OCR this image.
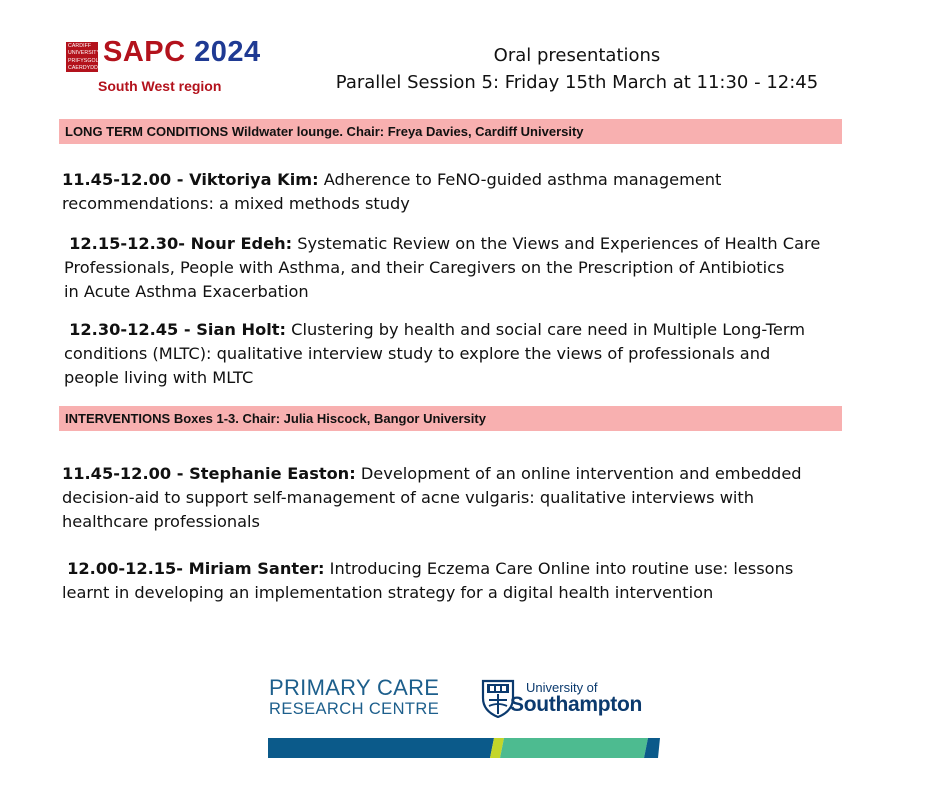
CARDIFF
UNIVERSITY
PRIFYSGOL
CAERDYDD SAPC 2024
South West region
Oral presentations
Parallel Session 5: Friday 15th March at 11:30 - 12:45
LONG TERM CONDITIONS Wildwater lounge. Chair: Freya Davies, Cardiff University
11.45-12.00 - Viktoriya Kim: Adherence to FeNO-guided asthma management
recommendations: a mixed methods study
12.15-12.30- Nour Edeh: Systematic Review on the Views and Experiences of Health Care
Professionals, People with Asthma, and their Caregivers on the Prescription of Antibiotics
in Acute Asthma Exacerbation
12.30-12.45 - Sian Holt: Clustering by health and social care need in Multiple Long-Term
conditions (MLTC): qualitative interview study to explore the views of professionals and
people living with MLTC
INTERVENTIONS Boxes 1-3. Chair: Julia Hiscock, Bangor University
11.45-12.00 - Stephanie Easton: Development of an online intervention and embedded
decision-aid to support self-management of acne vulgaris: qualitative interviews with
healthcare professionals
12.00-12.15- Miriam Santer: Introducing Eczema Care Online into routine use: lessons
learnt in developing an implementation strategy for a digital health intervention
PRIMARY CARE
RESEARCH CENTRE
University of
Southampton
